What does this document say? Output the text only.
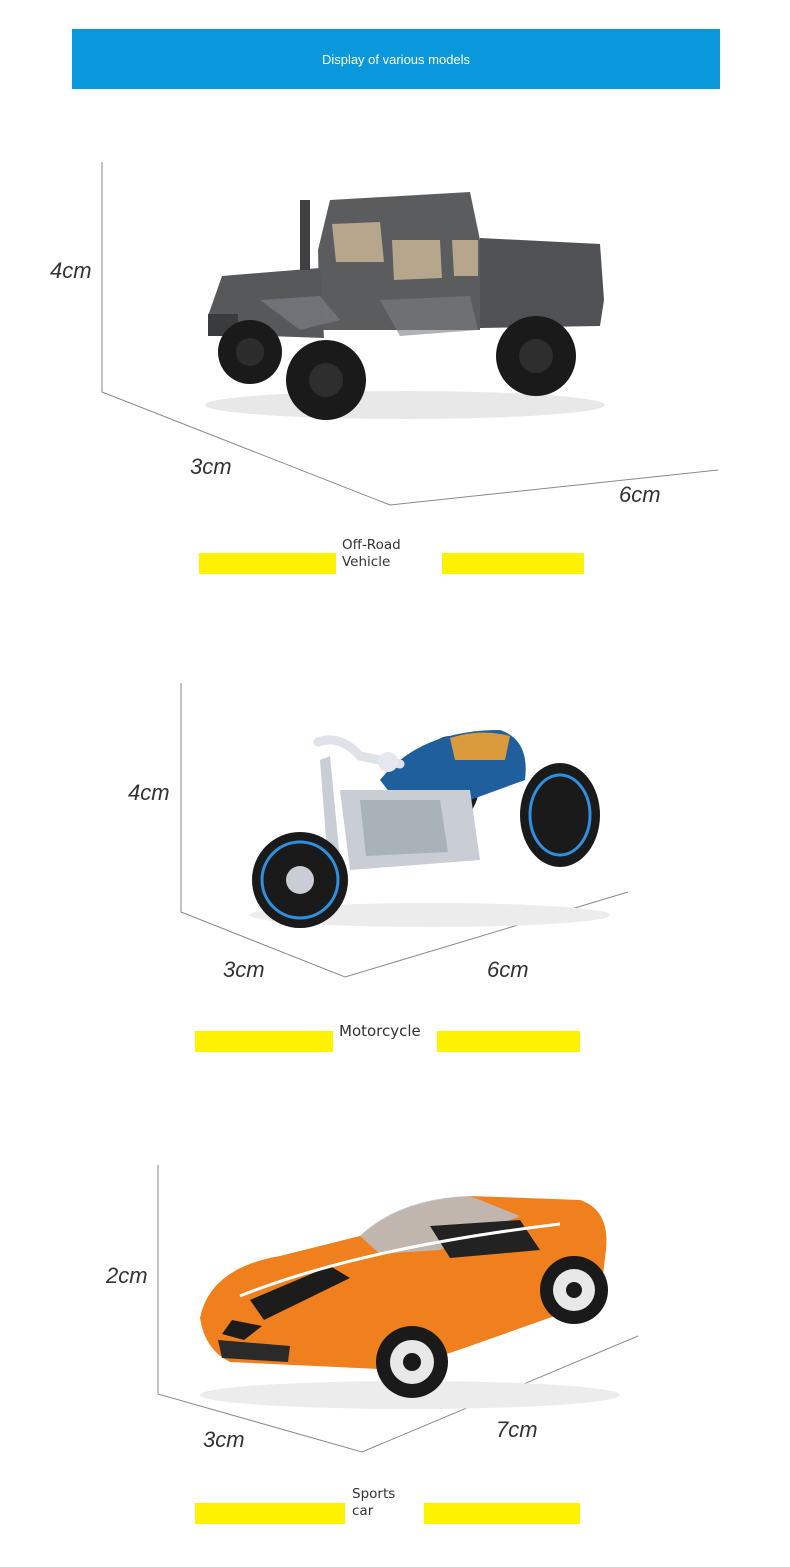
Display of various models
4cm
3cm
6cm
Off-Road
Vehicle
4cm
3cm	6cm
Motorcycle
2cm
3cm	7cm
Sports
car
